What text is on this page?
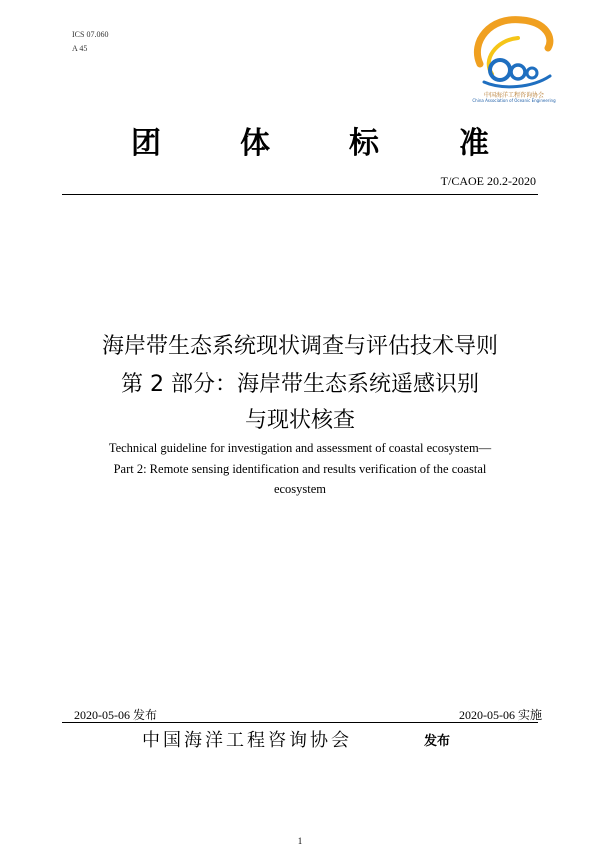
ICS 07.060
A 45
中国海洋工程咨询协会
China Association of Oceanic Engineering
团	体	标	准
T/CAOE 20.2-2020
海岸带生态系统现状调查与评估技术导则
第 2 部分：海岸带生态系统遥感识别
与现状核查
Technical guideline for investigation and assessment of coastal ecosystem—
Part 2: Remote sensing identification and results verification of the coastal
ecosystem
2020-05-06 发布	2020-05-06 实施
中国海洋工程咨询协会	发布
1
